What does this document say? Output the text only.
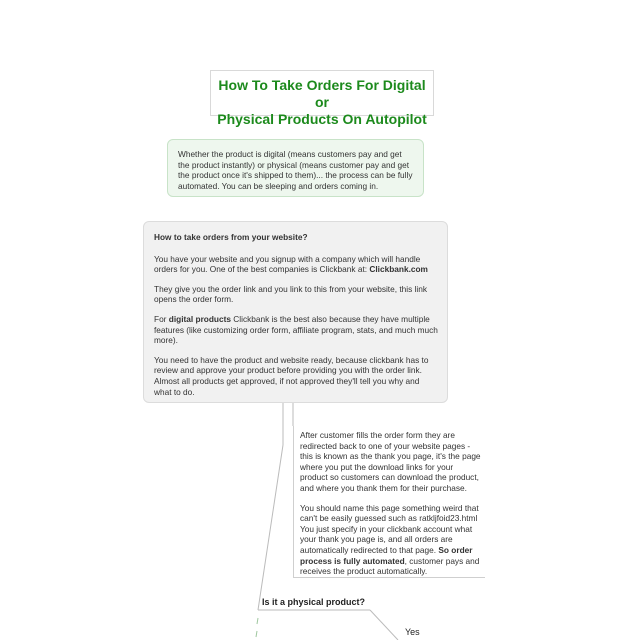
How To Take Orders For Digital or
Physical Products On Autopilot
Whether the product is digital (means customers pay and get the product instantly) or physical (means customer pay and get the product once it's shipped to them)... the process can be fully automated. You can be sleeping and orders coming in.

How to take orders from your website?

You have your website and you signup with a company which will handle orders for you. One of the best companies is Clickbank at: Clickbank.com

They give you the order link and you link to this from your website, this link opens the order form.

For digital products Clickbank is the best also because they have multiple features (like customizing order form, affiliate program, stats, and much much more).

You need to have the product and website ready, because clickbank has to review and approve your product before providing you with the order link. Almost all products get approved, if not approved they'll tell you why and what to do.

After customer fills the order form they are redirected back to one of your website pages - this is known as the thank you page, it's the page where you put the download links for your product so customers can download the product, and where you thank them for their purchase.

You should name this page something weird that can't be easily guessed such as ratkljfoid23.html You just specify in your clickbank account what your thank you page is, and all orders are automatically redirected to that page. So order process is fully automated, customer pays and receives the product automatically.

Is it a physical product?
Yes
